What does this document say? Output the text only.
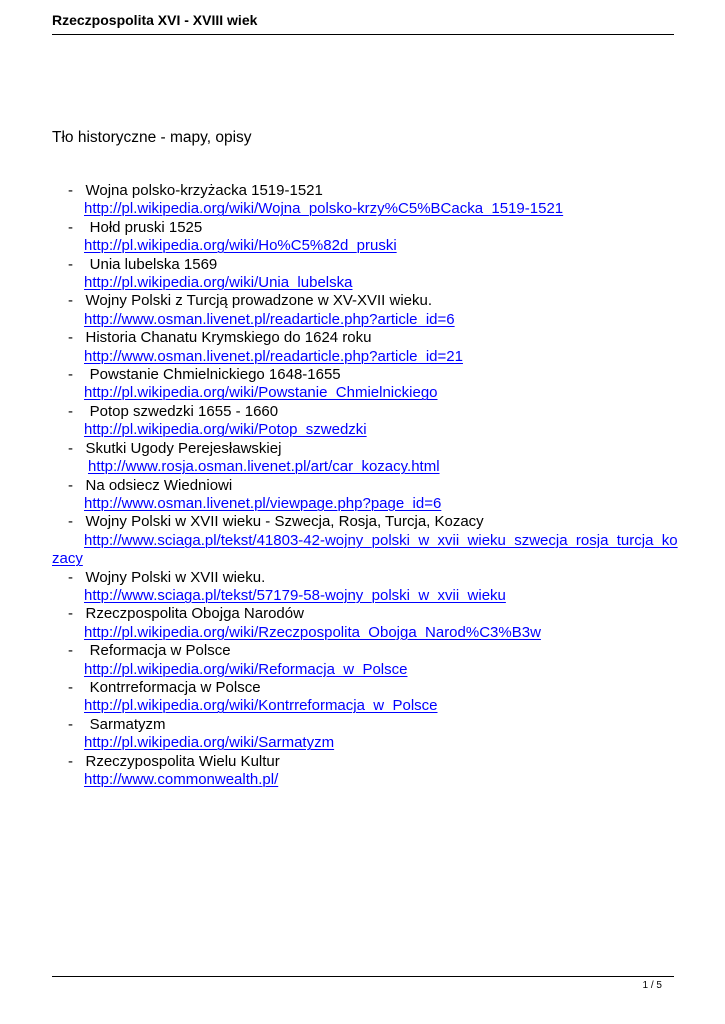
Rzeczpospolita XVI - XVIII wiek
Tło historyczne - mapy, opisy
-   Wojna polsko-krzyżacka 1519-1521
http://pl.wikipedia.org/wiki/Wojna_polsko-krzy%C5%BCacka_1519-1521
-    Hołd pruski 1525
http://pl.wikipedia.org/wiki/Ho%C5%82d_pruski
-    Unia lubelska 1569
http://pl.wikipedia.org/wiki/Unia_lubelska
-   Wojny Polski z Turcją prowadzone w XV-XVII wieku.
http://www.osman.livenet.pl/readarticle.php?article_id=6
-   Historia Chanatu Krymskiego do 1624 roku
http://www.osman.livenet.pl/readarticle.php?article_id=21
-    Powstanie Chmielnickiego 1648-1655
http://pl.wikipedia.org/wiki/Powstanie_Chmielnickiego
-    Potop szwedzki 1655 - 1660
http://pl.wikipedia.org/wiki/Potop_szwedzki
-   Skutki Ugody Perejesławskiej
http://www.rosja.osman.livenet.pl/art/car_kozacy.html
-   Na odsiecz Wiedniowi
http://www.osman.livenet.pl/viewpage.php?page_id=6
-   Wojny Polski w XVII wieku - Szwecja, Rosja, Turcja, Kozacy
http://www.sciaga.pl/tekst/41803-42-wojny_polski_w_xvii_wieku_szwecja_rosja_turcja_ko
zacy
-   Wojny Polski w XVII wieku.
http://www.sciaga.pl/tekst/57179-58-wojny_polski_w_xvii_wieku
-   Rzeczpospolita Obojga Narodów
http://pl.wikipedia.org/wiki/Rzeczpospolita_Obojga_Narod%C3%B3w
-    Reformacja w Polsce
http://pl.wikipedia.org/wiki/Reformacja_w_Polsce
-    Kontrreformacja w Polsce
http://pl.wikipedia.org/wiki/Kontrreformacja_w_Polsce
-    Sarmatyzm
http://pl.wikipedia.org/wiki/Sarmatyzm
-   Rzeczypospolita Wielu Kultur
http://www.commonwealth.pl/
1 / 5
